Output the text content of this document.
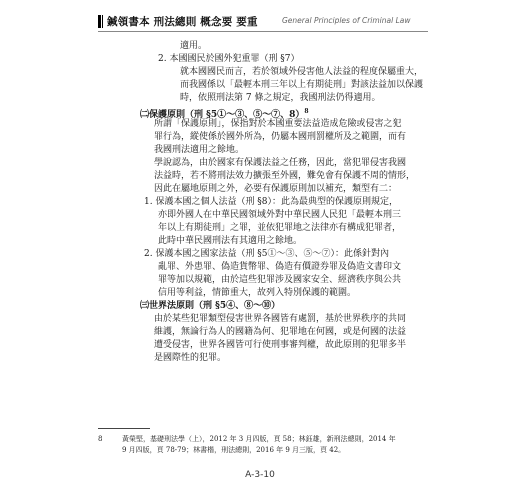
鍼領書本 刑法總則 概念要 要重	General Principles of Criminal Law
適用。
2. 本國國民於國外犯重罪（刑 §7）
就本國國民而言，若於領域外侵害他人法益的程度保屬重大，
而我國係以「最輕本刑三年以上有期徒刑」對該法益加以保護
時，依照刑法第 7 條之規定，我國刑法仍得適用。
㈡保護原則（刑 §5①～③、⑤～⑦、8）$^8$
所謂「保護原則」，保指對於本國重要法益造成危險或侵害之犯
罪行為，縱使係於國外所為，仍屬本國刑罰權所及之範圍，而有
我國刑法適用之餘地。
學說認為，由於國家有保護法益之任務，因此，當犯罪侵害我國
法益時，若不將刑法效力擴張至外國，難免會有保護不周的情形，
因此在屬地原則之外，必要有保護原則加以補充，類型有二：
1. 保護本國之個人法益（刑 §8）：此為最典型的保護原則規定，
亦即外國人在中華民國領域外對中華民國人民犯「最輕本刑三
年以上有期徒刑」之罪，並依犯罪地之法律亦有構成犯罪者，
此時中華民國刑法有其適用之餘地。
2. 保護本國之國家法益（刑 §5①～③、⑤～⑦）：此係針對內
亂罪、外患罪、偽造貨幣罪、偽造有價證券罪及偽造文書印文
罪等加以規範，由於這些犯罪涉及國家安全、經濟秩序與公共
信用等利益，情節重大，故列入特別保護的範圍。
㈢世界法原則（刑 §5④、⑧～⑩）
由於某些犯罪類型侵害世界各國皆有處罰，基於世界秩序的共同
維護，無論行為人的國籍為何、犯罪地在何國，或是何國的法益
遭受侵害，世界各國皆可行使刑事審判權，故此原則的犯罪多半
是國際性的犯罪。
8	黃榮堅，基礎刑法學（上），2012 年 3 月四版，頁 58；林鈺雄，新刑法總則，2014 年
9 月四版，頁 78-79；林書楷，刑法總則，2016 年 9 月三版，頁 42。
A-3-10
